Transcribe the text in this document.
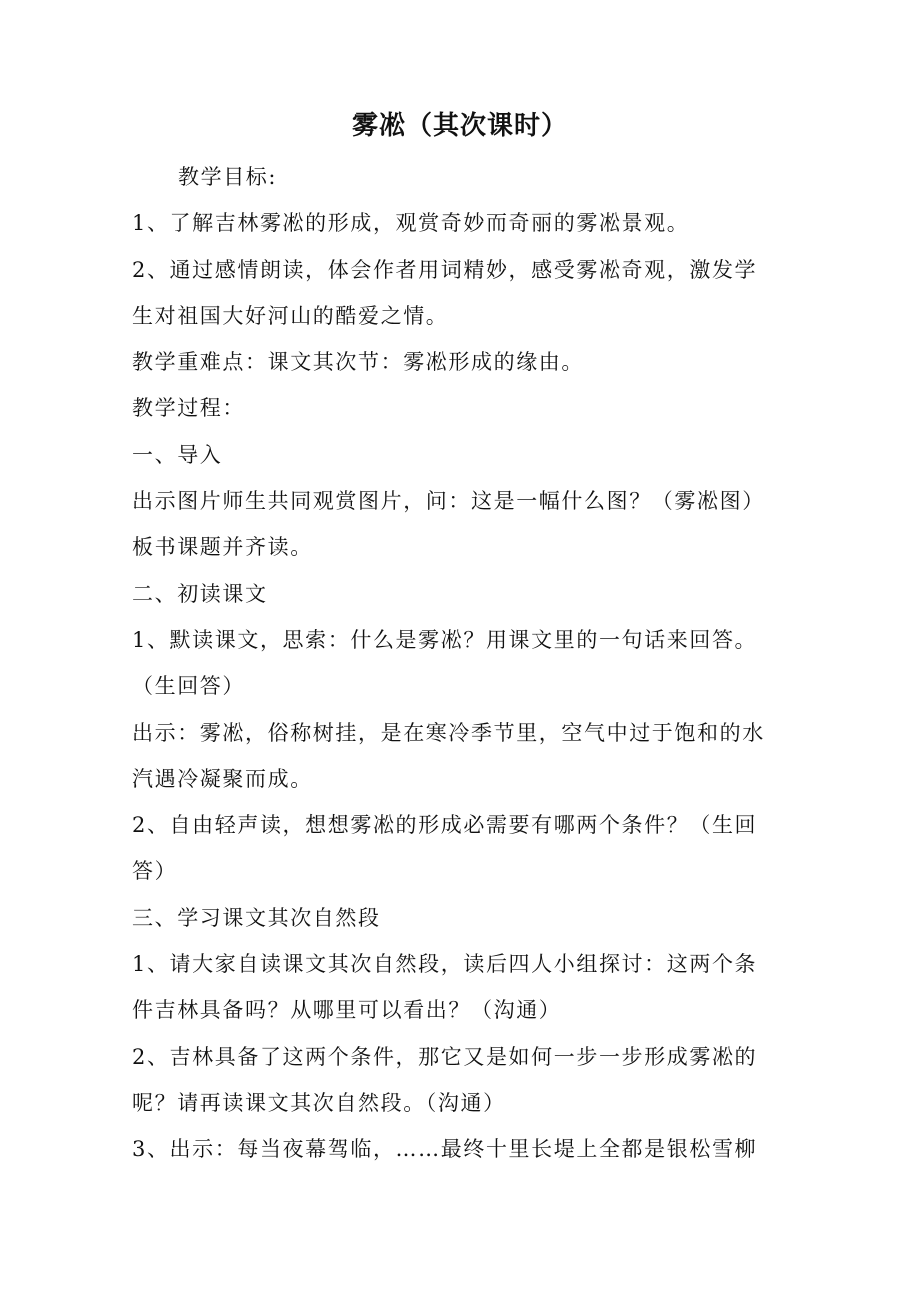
雾凇（其次课时）
教学目标:
1、了解吉林雾凇的形成，观赏奇妙而奇丽的雾凇景观。
2、通过感情朗读，体会作者用词精妙，感受雾凇奇观，激发学
生对祖国大好河山的酷爱之情。
教学重难点：课文其次节：雾凇形成的缘由。
教学过程：
一、导入
出示图片师生共同观赏图片，问：这是一幅什么图？（雾凇图）
板书课题并齐读。
二、初读课文
1、默读课文，思索：什么是雾凇？用课文里的一句话来回答。
（生回答）
出示：雾凇，俗称树挂，是在寒冷季节里，空气中过于饱和的水
汽遇冷凝聚而成。
2、自由轻声读，想想雾凇的形成必需要有哪两个条件？（生回
答）
三、学习课文其次自然段
1、请大家自读课文其次自然段，读后四人小组探讨：这两个条
件吉林具备吗？从哪里可以看出？（沟通）
2、吉林具备了这两个条件，那它又是如何一步一步形成雾凇的
呢？请再读课文其次自然段。（沟通）
3、出示：每当夜幕驾临，……最终十里长堤上全都是银松雪柳
